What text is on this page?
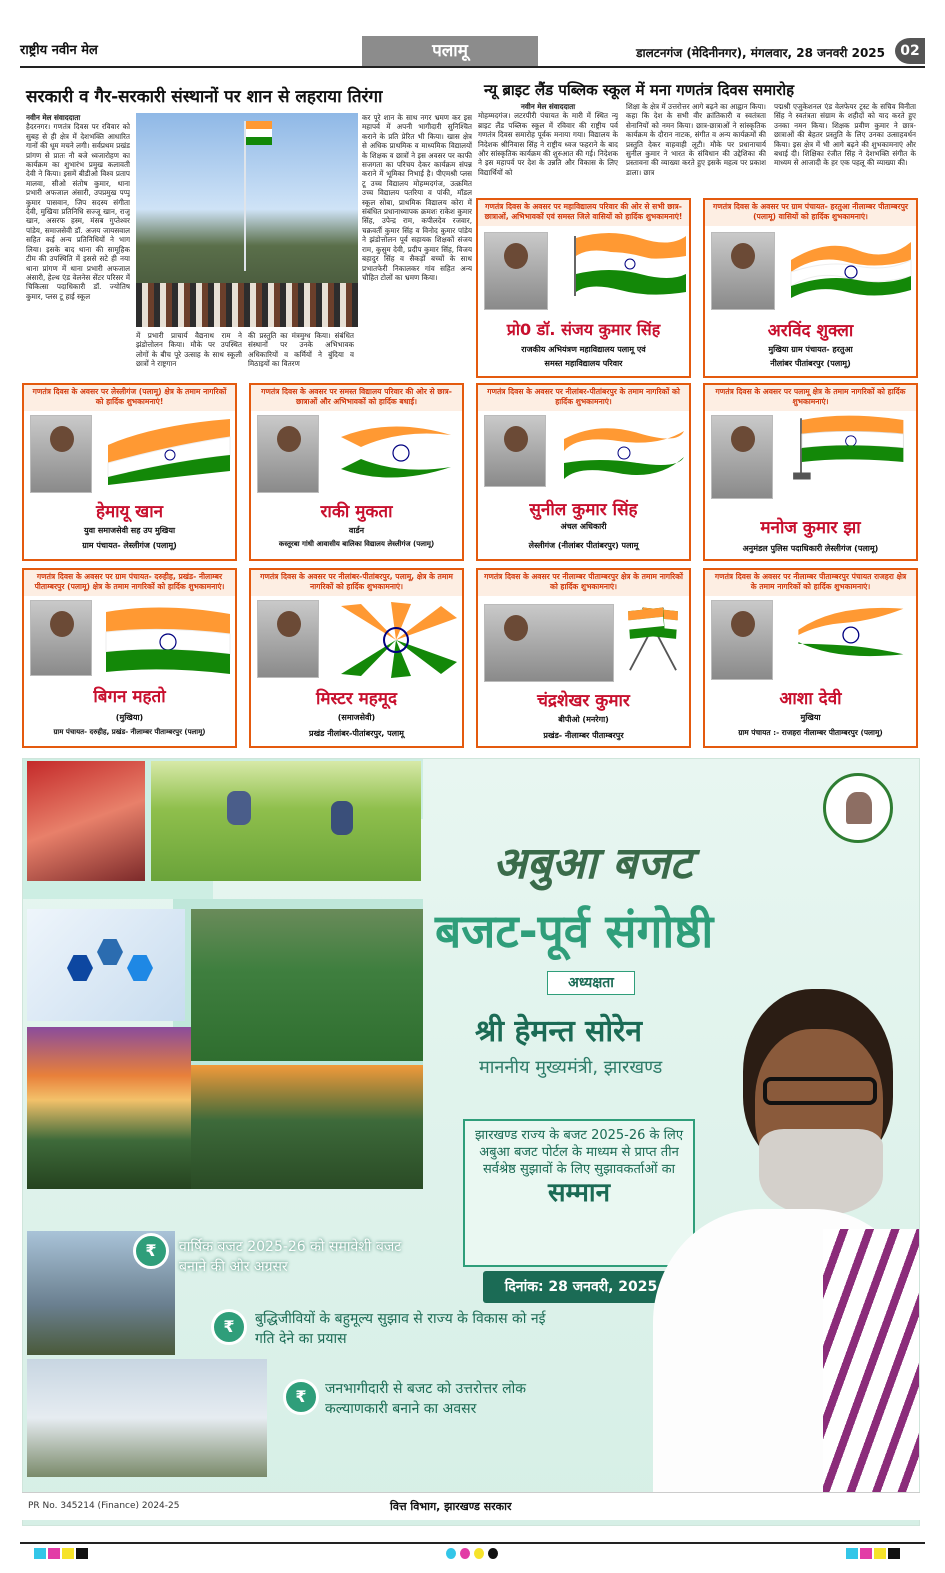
राष्ट्रीय नवीन मेल	पलामू	डालटनगंज (मेदिनीनगर), मंगलवार, 28 जनवरी 2025	02
सरकारी व गैर-सरकारी संस्थानों पर शान से लहराया तिरंगा
नवीन मेल संवाददाता
हैदरनगर। गणतंत्र दिवस पर रविवार को सुबह से ही क्षेत्र में देशभक्ति आधारित गानों की धूम मचने लगी। सर्वप्रथम प्रखंड प्रांगण से प्रातः नौ बजे ध्वजारोहण का कार्यक्रम का शुभारंभ प्रमुख कलावती देवी ने किया। इसमें बीडीओ विश्व प्रताप मालवा, सीओ संतोष कुमार, थाना प्रभारी अफजाल अंसारी, उपप्रमुख पप्पू कुमार पासवान, जिप सदस्य संगीता देवी, मुखिया प्रतिनिधि सज्जू खान, राजू खान, असरफ हस्म, मंसब गुप्तेश्वर पांडेय, समाजसेवी डॉ. अजय जायसवाल सहित कई अन्य प्रतिनिधियों ने भाग लिया। इसके बाद थाना की सामूहिक टीम की उपस्थिति में इससे सटे ही नया थाना प्रांगण में थाना प्रभारी अफजाल अंसारी, हेल्थ एंड वेलनेस सेंटर परिसर में चिकित्सा पदाधिकारी डॉ. ज्योतिष कुमार, प्लस टू हाई स्कूल
में प्रभारी प्राचार्य वैद्यनाथ राम ने झंडोत्तोलन किया। मौके पर उपस्थित लोगों के बीच पूरे उत्साह के साथ स्कूली छात्रों ने राष्ट्रगान
की प्रस्तुति का मंत्रमुग्ध किया। संबंधित संस्थानों पर उनके अभिभावक अधिकारियों व कर्मियों ने बुंदिया व मिठाइयों का वितरण
कर पूरे शान के साथ नगर भ्रमण कर इस महापर्व में अपनी भागीदारी सुनिश्चित कराने के प्रति प्रेरित भी किया। खास क्षेत्र से अधिक प्राथमिक व माध्यमिक विद्यालयों के शिक्षक व छात्रों ने इस अवसर पर काफी सजगता का परिचय देकर कार्यक्रम संपन्न कराने में भूमिका निभाई है। पीएमश्री प्लस टू उच्च विद्यालय मोहम्मदगंज, उत्क्रमित उच्च विद्यालय पतरिया व पांकी, मॉडल स्कूल सोबा, प्राथमिक विद्यालय कोरा में संबंधित प्रधानाध्यापक क्रमशः राकेश कुमार सिंह, उपेन्द्र राम, कपीलदेव रजवार, चक्रवर्ती कुमार सिंह व विनोद कुमार पांडेय ने झंडोत्तोलन पूर्व सहायक शिक्षकों संजय राम, कुसुम देवी, प्रदीप कुमार सिंह, विजय बहादुर सिंह व सैकड़ों बच्चों के साथ प्रभातफेरी निकालकर गांव सहित अन्य चौहित टोलों का भ्रमण किया।
न्यू ब्राइट लैंड पब्लिक स्कूल में मना गणतंत्र दिवस समारोह
नवीन मेल संवाददाता
मोहम्मदगंज। लटरपीरी पंचायत के मारी में स्थित न्यू ब्राइट लैंड पब्लिक स्कूल में रविवार की राष्ट्रीय पर्व गणतंत्र दिवस समारोह पूर्वक मनाया गया। विद्यालय के निदेशक श्रीनिवास सिंह ने राष्ट्रीय ध्वज फहराने के बाद और सांस्कृतिक कार्यक्रम की शुरुआत की गई। निदेशक ने इस महापर्व पर देश के उन्नति और विकास के लिए विद्यार्थियों को
शिक्षा के क्षेत्र में उत्तरोत्तर आगे बढ़ने का आह्वान किया। कहा कि देश के सभी वीर क्रांतिकारी व स्वतंत्रता सेनानियों को नमन किया। छात्र-छात्राओं ने सांस्कृतिक कार्यक्रम के दौरान नाटक, संगीत व अन्य कार्यक्रमों की प्रस्तुति देकर वाहवाही लूटी। मौके पर प्रधानाचार्य सुनील कुमार ने भारत के संविधान की उद्देशिका की प्रस्तावना की व्याख्या करते हुए इसके महत्व पर प्रकाश डाला। छात्र
पद्मश्री एजुकेशनल एंड वेलफेयर ट्रस्ट के सचिव विनीता सिंह ने स्वतंत्रता संग्राम के शहीदों को याद करते हुए उनका नमन किया। शिक्षक प्रवीण कुमार ने छात्र-छात्राओं की बेहतर प्रस्तुति के लिए उनका उत्साहवर्धन किया। इस क्षेत्र में भी आगे बढ़ने की शुभकामनाएं और बधाई दी। शिक्षिका रंजीत सिंह ने देशभक्ति संगीत के माध्यम से आजादी के हर एक पहलू की व्याख्या की।
गणतंत्र दिवस के अवसर पर महाविद्यालय परिवार की ओर से सभी छात्र-छात्राओं, अभिभावकों एवं समस्त जिले वासियों को हार्दिक शुभकामनाएं!
प्रो0 डॉ. संजय कुमार सिंह
राजकीय अभियंत्रण महाविद्यालय पलामू एवं
समस्त महाविद्यालय परिवार
गणतंत्र दिवस के अवसर पर ग्राम पंचायत- हरतुआ नीलाम्बर पीताम्बरपुर (पलामू) वासियों को हार्दिक शुभकामनाएं।
अरविंद शुक्ला
मुखिया ग्राम पंचायत- हरतुआ
नीलांबर पीतांबरपुर (पलामू)
गणतंत्र दिवस के अवसर पर लेस्लीगंज (पलामू) क्षेत्र के तमाम नागरिकों को हार्दिक शुभकामनाएं!
हेमायू खान
युवा समाजसेवी सह उप मुखिया
ग्राम पंचायत- लेस्लीगंज (पलामू)
गणतंत्र दिवस के अवसर पर समस्त विद्यालय परिवार की ओर से छात्र- छात्राओं और अभिभावकों को हार्दिक बधाई।
राकी मुकता
वार्डन
कस्तूरबा गांधी आवासीय बालिका विद्यालय लेस्लीगंज (पलामू)
गणतंत्र दिवस के अवसर पर नीलांबर-पीतांबरपुर के तमाम नागरिकों को हार्दिक शुभकामनाएं।
सुनील कुमार सिंह
अंचल अधिकारी
लेस्लीगंज (नीलांबर पीतांबरपुर) पलामू
गणतंत्र दिवस के अवसर पर पलामू क्षेत्र के तमाम नागरिकों को हार्दिक शुभकामनाएं।
मनोज कुमार झा
अनुमंडल पुलिस पदाधिकारी लेस्लीगंज (पलामू)
गणतंत्र दिवस के अवसर पर ग्राम पंचायत- दरुहीह, प्रखंड- नीलाम्बर पीताम्बरपुर (पलामू) क्षेत्र के तमाम नागरिकों को हार्दिक शुभकामनाएं।
बिगन महतो
(मुखिया)
ग्राम पंचायत- दरुहीह, प्रखंड- नीलाम्बर पीताम्बरपुर (पलामू)
गणतंत्र दिवस के अवसर पर नीलांबर-पीतांबरपुर, पलामू, क्षेत्र के तमाम नागरिकों को हार्दिक शुभकामनाएं।
मिस्टर महमूद
(समाजसेवी)
प्रखंड नीलांबर-पीतांबरपुर, पलामू
गणतंत्र दिवस के अवसर पर नीलाम्बर पीताम्बरपुर क्षेत्र के तमाम नागरिकों को हार्दिक शुभकामनाएं।
चंद्रशेखर कुमार
बीपीओ (मनरेगा)
प्रखंड- नीलाम्बर पीताम्बरपुर
गणतंत्र दिवस के अवसर पर नीलाम्बर पीताम्बरपुर पंचायत राजहरा क्षेत्र के तमाम नागरिकों को हार्दिक शुभकामनाएं।
आशा देवी
मुखिया
ग्राम पंचायत :- राजहरा नीलाम्बर पीताम्बरपुर (पलामू)
अबुआ बजट
बजट-पूर्व संगोष्ठी
अध्यक्षता
श्री हेमन्त सोरेन
माननीय मुख्यमंत्री, झारखण्ड
झारखण्ड राज्य के बजट 2025-26 के लिए अबुआ बजट पोर्टल के माध्यम से प्राप्त तीन सर्वश्रेष्ठ सुझावों के लिए सुझावकर्ताओं का
सम्मान
दिनांक: 28 जनवरी, 2025
₹	वार्षिक बजट 2025-26 को समावेशी बजट बनाने की ओर अग्रसर
₹	बुद्धिजीवियों के बहुमूल्य सुझाव से राज्य के विकास को नई गति देने का प्रयास
₹	जनभागीदारी से बजट को उत्तरोत्तर लोक कल्याणकारी बनाने का अवसर
PR No. 345214 (Finance) 2024-25	वित्त विभाग, झारखण्ड सरकार
